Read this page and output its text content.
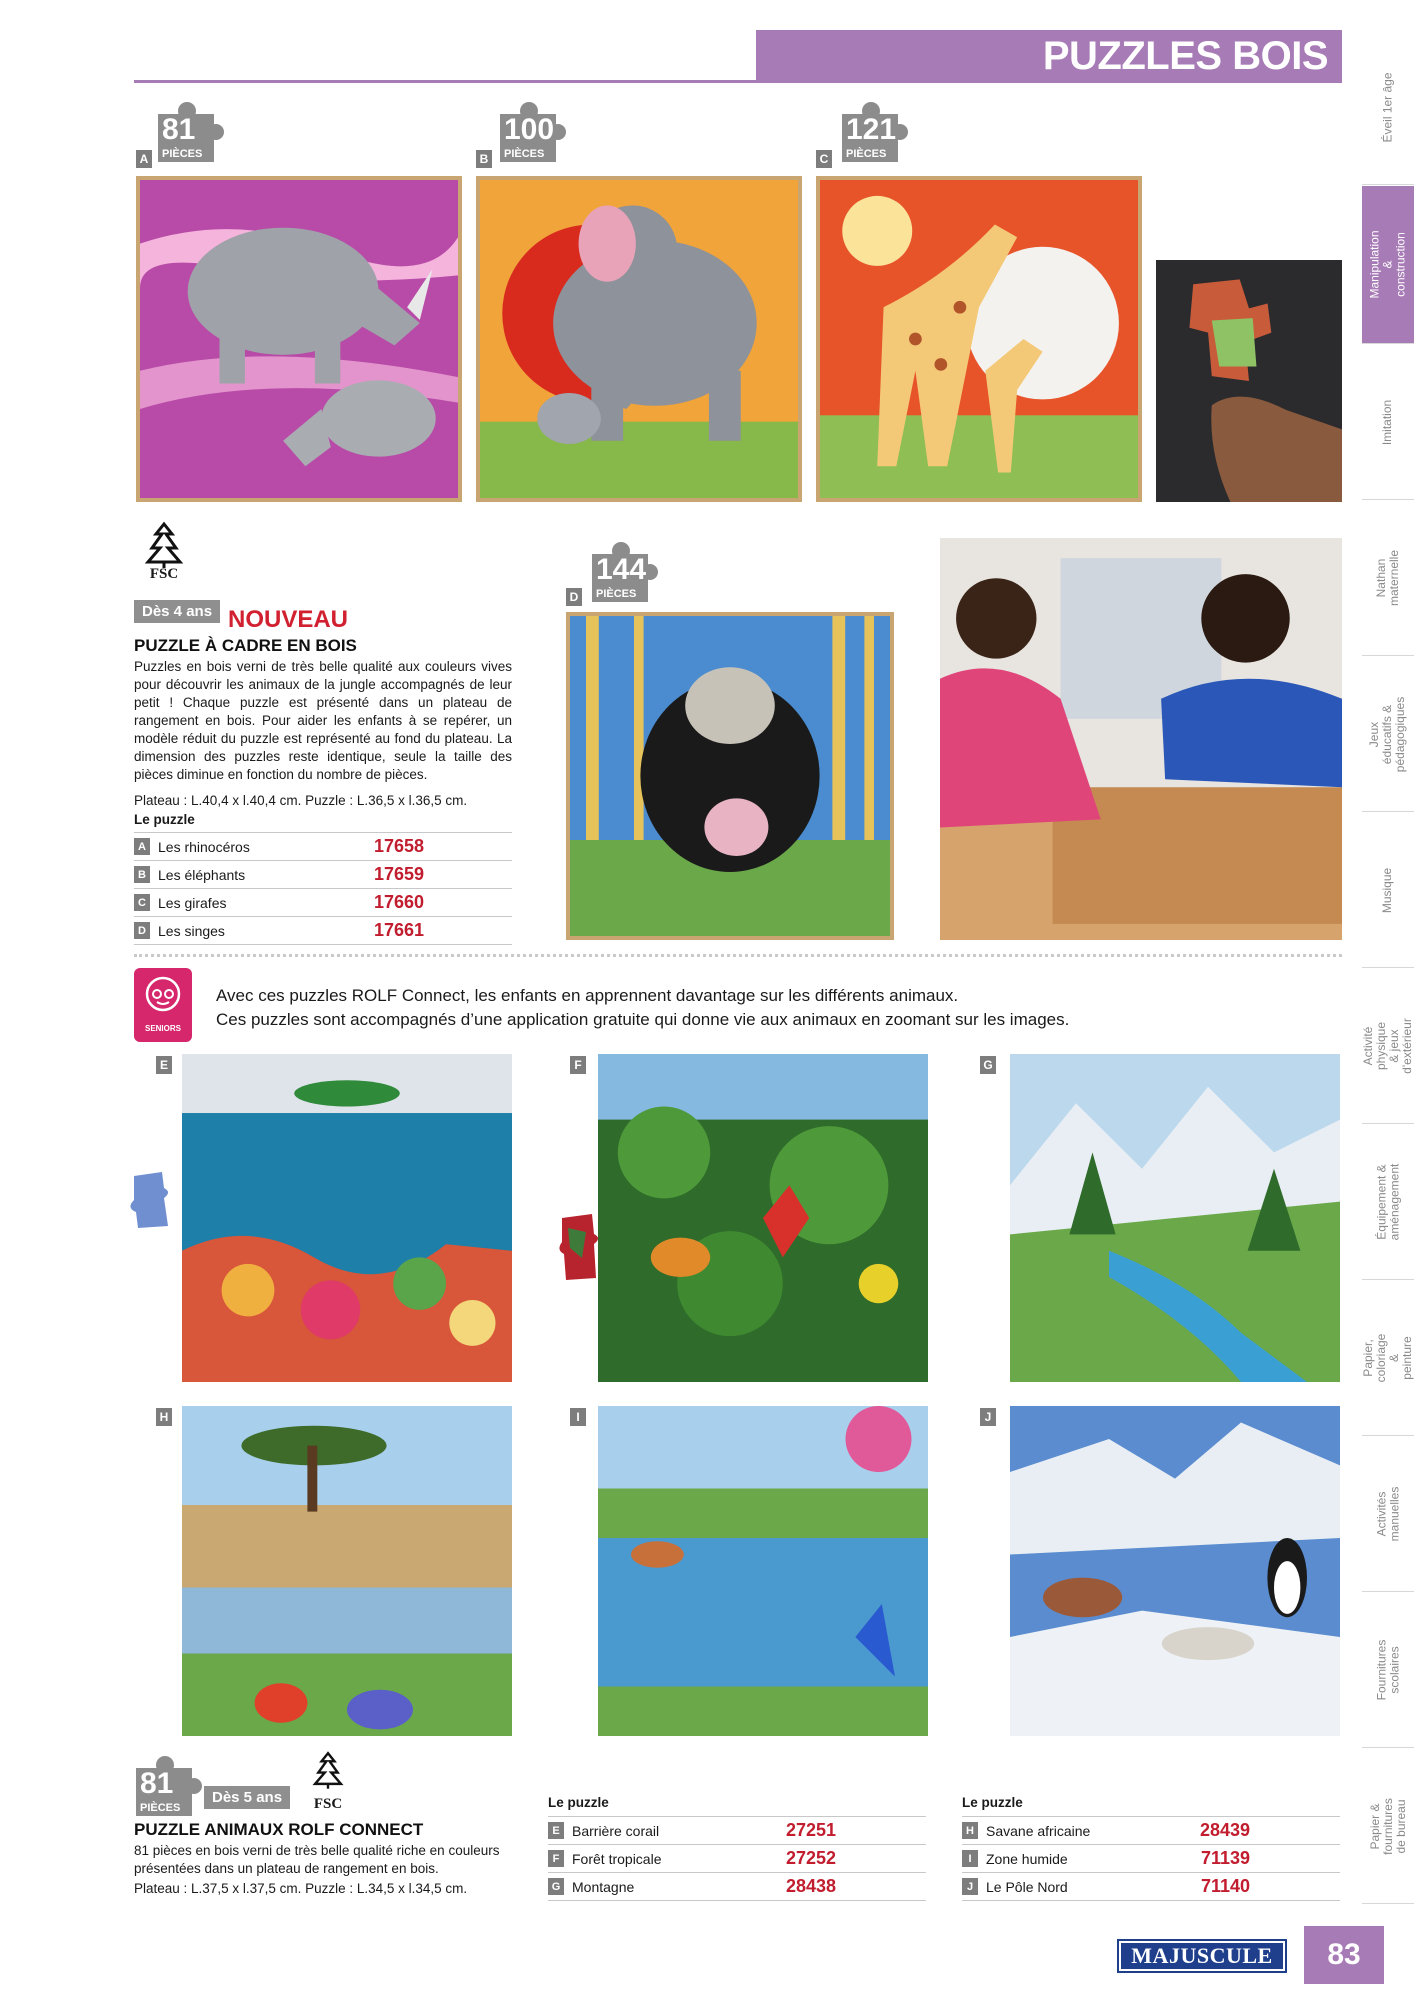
PUZZLES BOIS
Éveil 1er âge
Manipulation & construction
Imitation
Nathan maternelle
Jeux éducatifs & pédagogiques
Musique
Activité physique & jeux d'extérieur
Équipement & aménagement
Papier, coloriage & peinture
Activités manuelles
Fournitures scolaires
Papier & fournitures de bureau
81
PIÈCES
A
100
PIÈCES
B
121
PIÈCES
C
FSC
Dès 4 ans NOUVEAU
PUZZLE À CADRE EN BOIS
Puzzles en bois verni de très belle qualité aux couleurs vives pour découvrir les animaux de la jungle accompagnés de leur petit ! Chaque puzzle est présenté dans un plateau de rangement en bois. Pour aider les enfants à se repérer, un modèle réduit du puzzle est représenté au fond du plateau. La dimension des puzzles reste identique, seule la taille des pièces diminue en fonction du nombre de pièces.
Plateau : L.40,4 x l.40,4 cm. Puzzle : L.36,5 x l.36,5 cm.
Le puzzle
A Les rhinocéros	17658
B Les éléphants	17659
C Les girafes	17660
D Les singes	17661
144
PIÈCES
D
SENIORS
Avec ces puzzles ROLF Connect, les enfants en apprennent davantage sur les différents animaux.
Ces puzzles sont accompagnés d’une application gratuite qui donne vie aux animaux en zoomant sur les images.
E	F	G
H	I	J
81
PIÈCES
Dès 5 ans	FSC
PUZZLE ANIMAUX ROLF CONNECT
81 pièces en bois verni de très belle qualité riche en couleurs présentées dans un plateau de rangement en bois.
Plateau : L.37,5 x l.37,5 cm. Puzzle : L.34,5 x l.34,5 cm.
Le puzzle
E Barrière corail	27251
F Forêt tropicale	27252
G Montagne	28438
Le puzzle
H Savane africaine	28439
I	Zone humide	71139
J Le Pôle Nord	71140
MAJUSCULE	83
